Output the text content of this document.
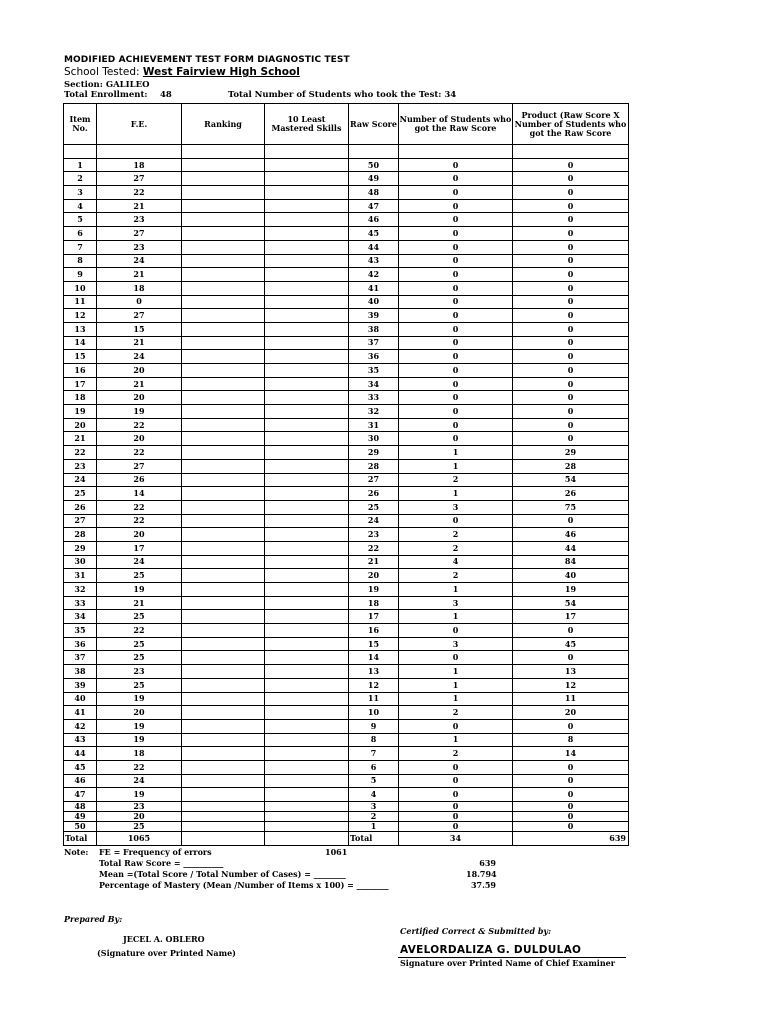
MODIFIED ACHIEVEMENT TEST FORM DIAGNOSTIC TEST
School Tested: West Fairview High School
Section: GALILEO
Total Enrollment: 48	Total Number of Students who took the Test: 34
Item No.	F.E.	Ranking	10 Least Mastered Skills	Raw Score	Number of Students who got the Raw Score	Product (Raw Score X Number of Students who got the Raw Score

1	18			50	0	0
2	27			49	0	0
3	22			48	0	0
4	21			47	0	0
5	23			46	0	0
6	27			45	0	0
7	23			44	0	0
8	24			43	0	0
9	21			42	0	0
10	18			41	0	0
11	0			40	0	0
12	27			39	0	0
13	15			38	0	0
14	21			37	0	0
15	24			36	0	0
16	20			35	0	0
17	21			34	0	0
18	20			33	0	0
19	19			32	0	0
20	22			31	0	0
21	20			30	0	0
22	22			29	1	29
23	27			28	1	28
24	26			27	2	54
25	14			26	1	26
26	22			25	3	75
27	22			24	0	0
28	20			23	2	46
29	17			22	2	44
30	24			21	4	84
31	25			20	2	40
32	19			19	1	19
33	21			18	3	54
34	25			17	1	17
35	22			16	0	0
36	25			15	3	45
37	25			14	0	0
38	23			13	1	13
39	25			12	1	12
40	19			11	1	11
41	20			10	2	20
42	19			9	0	0
43	19			8	1	8
44	18			7	2	14
45	22			6	0	0
46	24			5	0	0
47	19			4	0	0
48	23			3	0	0
49	20			2	0	0
50	25			1	0	0
Total	1065			Total	34	639
Note: FE = Frequency of errors	1061
Total Raw Score = __________	639
Mean =(Total Score / Total Number of Cases) = ________	18.794
Percentage of Mastery (Mean /Number of Items x 100) = ________	37.59
Prepared By:
JECEL A. OBLERO
(Signature over Printed Name)
Certified Correct & Submitted by:
AVELORDALIZA G. DULDULAO
Signature over Printed Name of Chief Examiner
